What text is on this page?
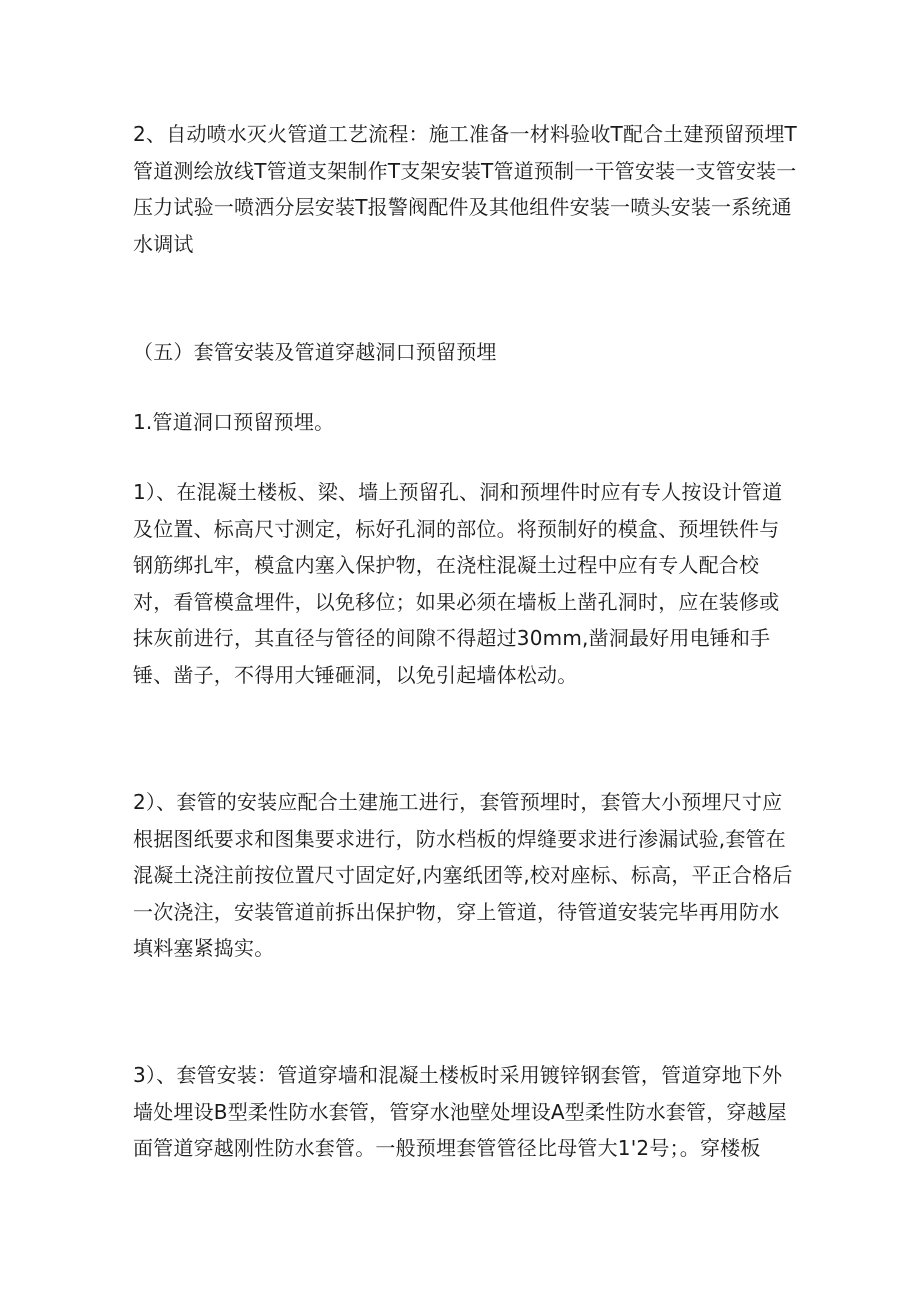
2、自动喷水灭火管道工艺流程：施工准备一材料验收T配合土建预留预埋T管道测绘放线T管道支架制作T支架安装T管道预制一干管安装一支管安装一压力试验一喷洒分层安装T报警阀配件及其他组件安装一喷头安装一系统通水调试

（五）套管安装及管道穿越洞口预留预埋

1.管道洞口预留预埋。

1）、在混凝土楼板、梁、墙上预留孔、洞和预埋件时应有专人按设计管道及位置、标高尺寸测定，标好孔洞的部位。将预制好的模盒、预埋铁件与钢筋绑扎牢，模盒内塞入保护物，在浇柱混凝土过程中应有专人配合校对，看管模盒埋件，以免移位；如果必须在墙板上凿孔洞时，应在装修或抹灰前进行，其直径与管径的间隙不得超过30mm,凿洞最好用电锤和手锤、凿子，不得用大锤砸洞，以免引起墙体松动。

2）、套管的安装应配合土建施工进行，套管预埋时，套管大小预埋尺寸应根据图纸要求和图集要求进行，防水档板的焊缝要求进行渗漏试验,套管在混凝土浇注前按位置尺寸固定好,内塞纸团等,校对座标、标高，平正合格后一次浇注，安装管道前拆出保护物，穿上管道，待管道安装完毕再用防水填料塞紧捣实。

3）、套管安装：管道穿墙和混凝土楼板时采用镀锌钢套管，管道穿地下外墙处埋设B型柔性防水套管，管穿水池壁处埋设A型柔性防水套管，穿越屋面管道穿越刚性防水套管。一般预埋套管管径比母管大1'2号；。穿楼板
